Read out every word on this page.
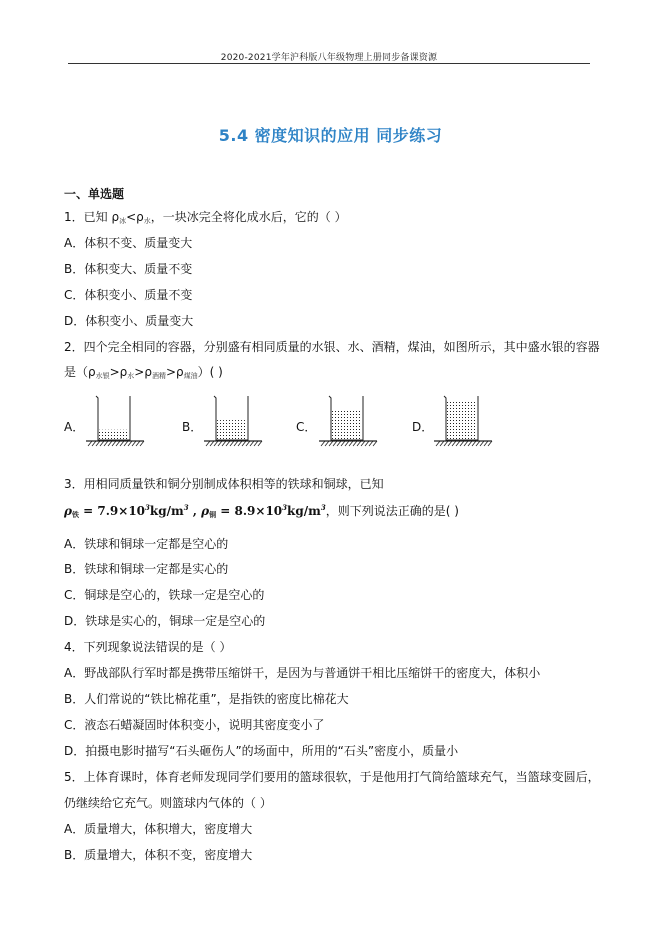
2020-2021学年沪科版八年级物理上册同步备课资源
5.4 密度知识的应用 同步练习
一、单选题
1．已知 $\rho_冰<\rho_水$，一块冰完全将化成水后，它的（ ）
A．体积不变、质量变大
B．体积变大、质量不变
C．体积变小、质量不变
D．体积变小、质量变大
2．四个完全相同的容器，分别盛有相同质量的水银、水、酒精，煤油，如图所示，其中盛水银的容器
是$(\rho_{水银}>\rho_水>\rho_{酒精}>\rho_{煤油})$( )
A．	B．	C．	D．
3．用相同质量铁和铜分别制成体积相等的铁球和铜球，已知
$\rho_铁 = 7.9\times 10^3kg/m^3$ , $\rho_铜 = 8.9\times 10^3kg/m^3$，则下列说法正确的是( )
A．铁球和铜球一定都是空心的
B．铁球和铜球一定都是实心的
C．铜球是空心的，铁球一定是空心的
D．铁球是实心的，铜球一定是空心的
4．下列现象说法错误的是（ ）
A．野战部队行军时都是携带压缩饼干，是因为与普通饼干相比压缩饼干的密度大，体积小
B．人们常说的“铁比棉花重”，是指铁的密度比棉花大
C．液态石蜡凝固时体积变小，说明其密度变小了
D．拍摄电影时描写“石头砸伤人”的场面中，所用的“石头”密度小，质量小
5．上体育课时，体育老师发现同学们要用的篮球很软，于是他用打气筒给篮球充气，当篮球变圆后，
仍继续给它充气。则篮球内气体的（ ）
A．质量增大，体积增大，密度增大
B．质量增大，体积不变，密度增大
